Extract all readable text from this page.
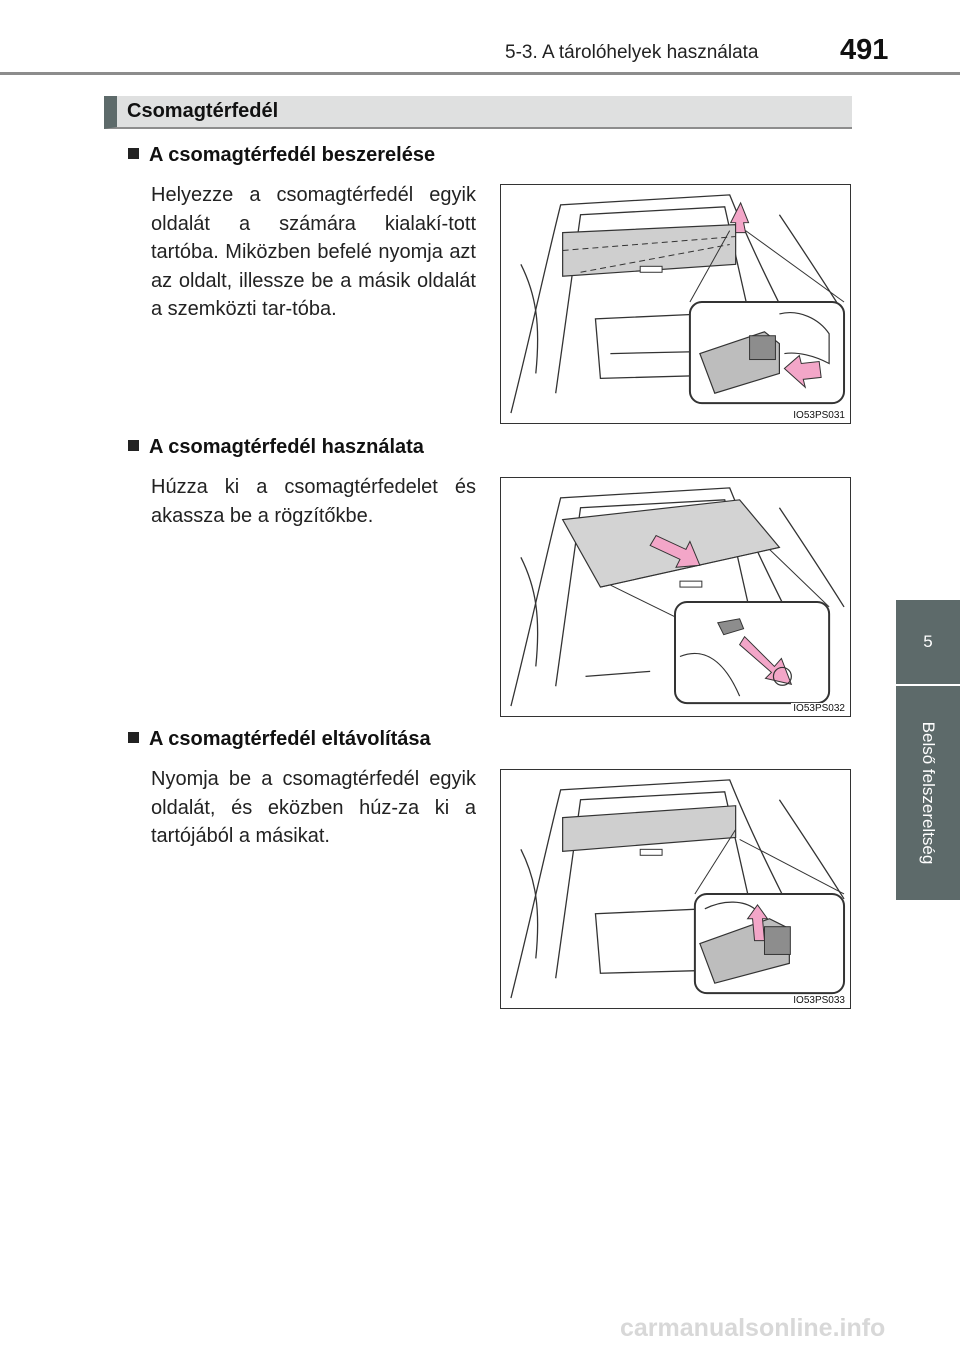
5-3. A tárolóhelyek használata	491
5
Belső felszereltség
Csomagtérfedél
A csomagtérfedél beszerelése
Helyezze a csomagtérfedél egyik oldalát a számára kialakí-tott tartóba. Miközben befelé nyomja azt az oldalt, illessze be a másik oldalát a szemközti tar-tóba.
IO53PS031
A csomagtérfedél használata
Húzza ki a csomagtérfedelet és akassza be a rögzítőkbe.
IO53PS032
A csomagtérfedél eltávolítása
Nyomja be a csomagtérfedél egyik oldalát, és eközben húz-za ki a tartójából a másikat.
IO53PS033
carmanualsonline.info
